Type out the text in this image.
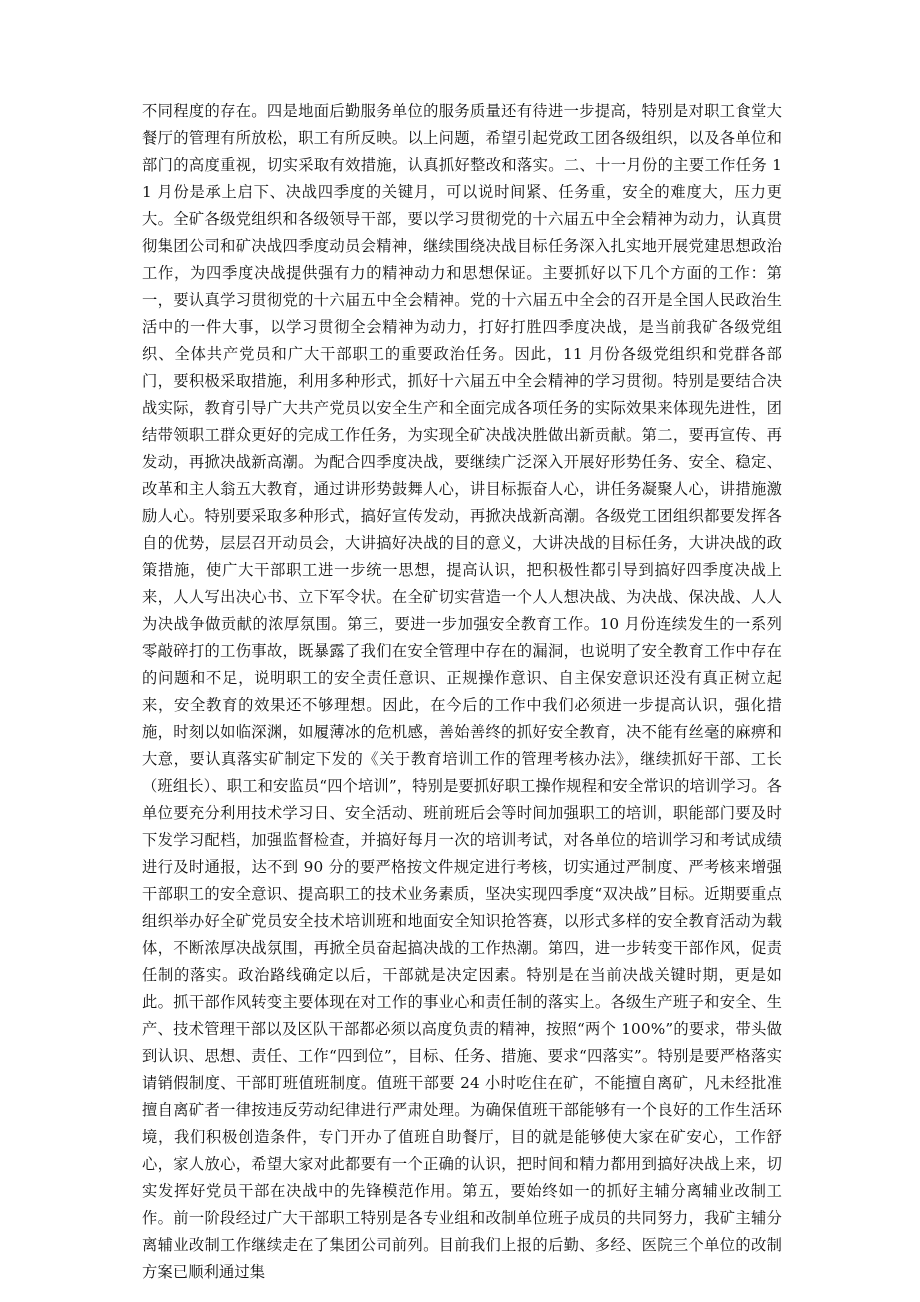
不同程度的存在。四是地面后勤服务单位的服务质量还有待进一步提高，特别是对职工食堂大餐厅的管理有所放松，职工有所反映。以上问题，希望引起党政工团各级组织，以及各单位和部门的高度重视，切实采取有效措施，认真抓好整改和落实。二、十一月份的主要工作任务 11 月份是承上启下、决战四季度的关键月，可以说时间紧、任务重，安全的难度大，压力更大。全矿各级党组织和各级领导干部，要以学习贯彻党的十六届五中全会精神为动力，认真贯彻集团公司和矿决战四季度动员会精神，继续围绕决战目标任务深入扎实地开展党建思想政治工作，为四季度决战提供强有力的精神动力和思想保证。主要抓好以下几个方面的工作：第一，要认真学习贯彻党的十六届五中全会精神。党的十六届五中全会的召开是全国人民政治生活中的一件大事，以学习贯彻全会精神为动力，打好打胜四季度决战，是当前我矿各级党组织、全体共产党员和广大干部职工的重要政治任务。因此，11 月份各级党组织和党群各部门，要积极采取措施，利用多种形式，抓好十六届五中全会精神的学习贯彻。特别是要结合决战实际，教育引导广大共产党员以安全生产和全面完成各项任务的实际效果来体现先进性，团结带领职工群众更好的完成工作任务，为实现全矿决战决胜做出新贡献。第二，要再宣传、再发动，再掀决战新高潮。为配合四季度决战，要继续广泛深入开展好形势任务、安全、稳定、改革和主人翁五大教育，通过讲形势鼓舞人心，讲目标振奋人心，讲任务凝聚人心，讲措施激励人心。特别要采取多种形式，搞好宣传发动，再掀决战新高潮。各级党工团组织都要发挥各自的优势，层层召开动员会，大讲搞好决战的目的意义，大讲决战的目标任务，大讲决战的政策措施，使广大干部职工进一步统一思想，提高认识，把积极性都引导到搞好四季度决战上来，人人写出决心书、立下军令状。在全矿切实营造一个人人想决战、为决战、保决战、人人为决战争做贡献的浓厚氛围。第三，要进一步加强安全教育工作。10 月份连续发生的一系列零敲碎打的工伤事故，既暴露了我们在安全管理中存在的漏洞，也说明了安全教育工作中存在的问题和不足，说明职工的安全责任意识、正规操作意识、自主保安意识还没有真正树立起来，安全教育的效果还不够理想。因此，在今后的工作中我们必须进一步提高认识，强化措施，时刻以如临深渊，如履薄冰的危机感，善始善终的抓好安全教育，决不能有丝毫的麻痹和大意，要认真落实矿制定下发的《关于教育培训工作的管理考核办法》，继续抓好干部、工长（班组长）、职工和安监员“四个培训”，特别是要抓好职工操作规程和安全常识的培训学习。各单位要充分利用技术学习日、安全活动、班前班后会等时间加强职工的培训，职能部门要及时下发学习配档，加强监督检查，并搞好每月一次的培训考试，对各单位的培训学习和考试成绩进行及时通报，达不到 90 分的要严格按文件规定进行考核，切实通过严制度、严考核来增强干部职工的安全意识、提高职工的技术业务素质，坚决实现四季度“双决战”目标。近期要重点组织举办好全矿党员安全技术培训班和地面安全知识抢答赛，以形式多样的安全教育活动为载体，不断浓厚决战氛围，再掀全员奋起搞决战的工作热潮。第四，进一步转变干部作风，促责任制的落实。政治路线确定以后，干部就是决定因素。特别是在当前决战关键时期，更是如此。抓干部作风转变主要体现在对工作的事业心和责任制的落实上。各级生产班子和安全、生产、技术管理干部以及区队干部都必须以高度负责的精神，按照“两个 100%”的要求，带头做到认识、思想、责任、工作“四到位”，目标、任务、措施、要求“四落实”。特别是要严格落实请销假制度、干部盯班值班制度。值班干部要 24 小时吃住在矿，不能擅自离矿，凡未经批准擅自离矿者一律按违反劳动纪律进行严肃处理。为确保值班干部能够有一个良好的工作生活环境，我们积极创造条件，专门开办了值班自助餐厅，目的就是能够使大家在矿安心，工作舒心，家人放心，希望大家对此都要有一个正确的认识，把时间和精力都用到搞好决战上来，切实发挥好党员干部在决战中的先锋模范作用。第五，要始终如一的抓好主辅分离辅业改制工作。前一阶段经过广大干部职工特别是各专业组和改制单位班子成员的共同努力，我矿主辅分离辅业改制工作继续走在了集团公司前列。目前我们上报的后勤、多经、医院三个单位的改制方案已顺利通过集
